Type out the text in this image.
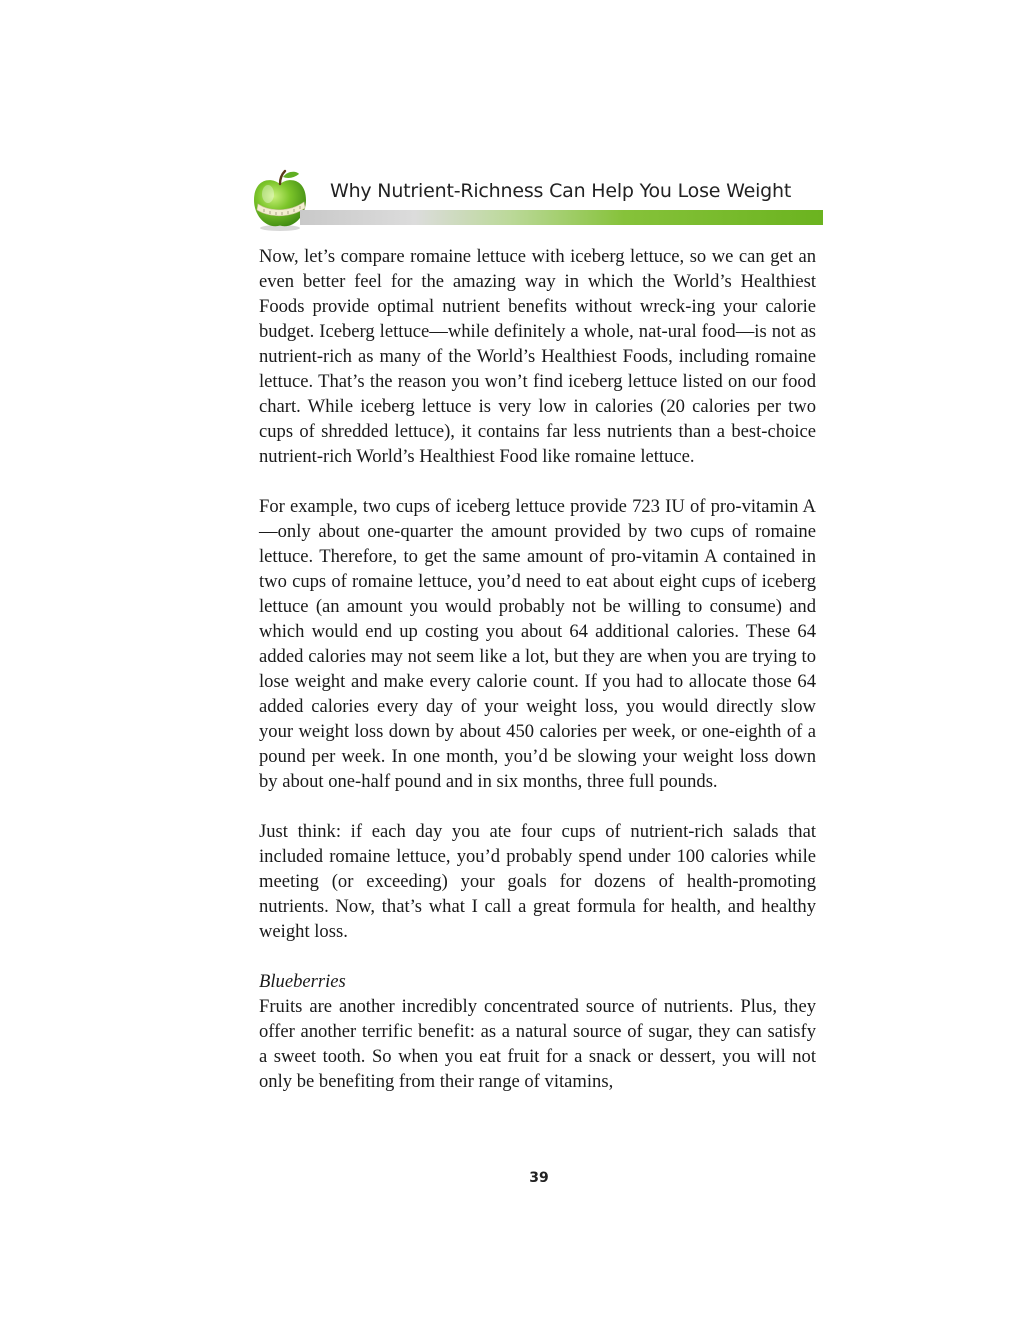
Why Nutrient-Richness Can Help You Lose Weight

Now, let’s compare romaine lettuce with iceberg lettuce, so we can get an even better feel for the amazing way in which the World’s Healthiest Foods provide optimal nutrient benefits without wreck-ing your calorie budget. Iceberg lettuce—while definitely a whole, nat-ural food—is not as nutrient-rich as many of the World’s Healthiest Foods, including romaine lettuce. That’s the reason you won’t find iceberg lettuce listed on our food chart. While iceberg lettuce is very low in calories (20 calories per two cups of shredded lettuce), it contains far less nutrients than a best-choice nutrient-rich World’s Healthiest Food like romaine lettuce.

For example, two cups of iceberg lettuce provide 723 IU of pro-vitamin A—only about one-quarter the amount provided by two cups of romaine lettuce. Therefore, to get the same amount of pro-vitamin A contained in two cups of romaine lettuce, you’d need to eat about eight cups of iceberg lettuce (an amount you would probably not be willing to consume) and which would end up costing you about 64 additional calories. These 64 added calories may not seem like a lot, but they are when you are trying to lose weight and make every calorie count. If you had to allocate those 64 added calories every day of your weight loss, you would directly slow your weight loss down by about 450 calories per week, or one-eighth of a pound per week. In one month, you’d be slowing your weight loss down by about one-half pound and in six months, three full pounds.

Just think: if each day you ate four cups of nutrient-rich salads that included romaine lettuce, you’d probably spend under 100 calories while meeting (or exceeding) your goals for dozens of health-promoting nutrients. Now, that’s what I call a great formula for health, and healthy weight loss.

Blueberries

Fruits are another incredibly concentrated source of nutrients. Plus, they offer another terrific benefit: as a natural source of sugar, they can satisfy a sweet tooth. So when you eat fruit for a snack or dessert, you will not only be benefiting from their range of vitamins,

39
